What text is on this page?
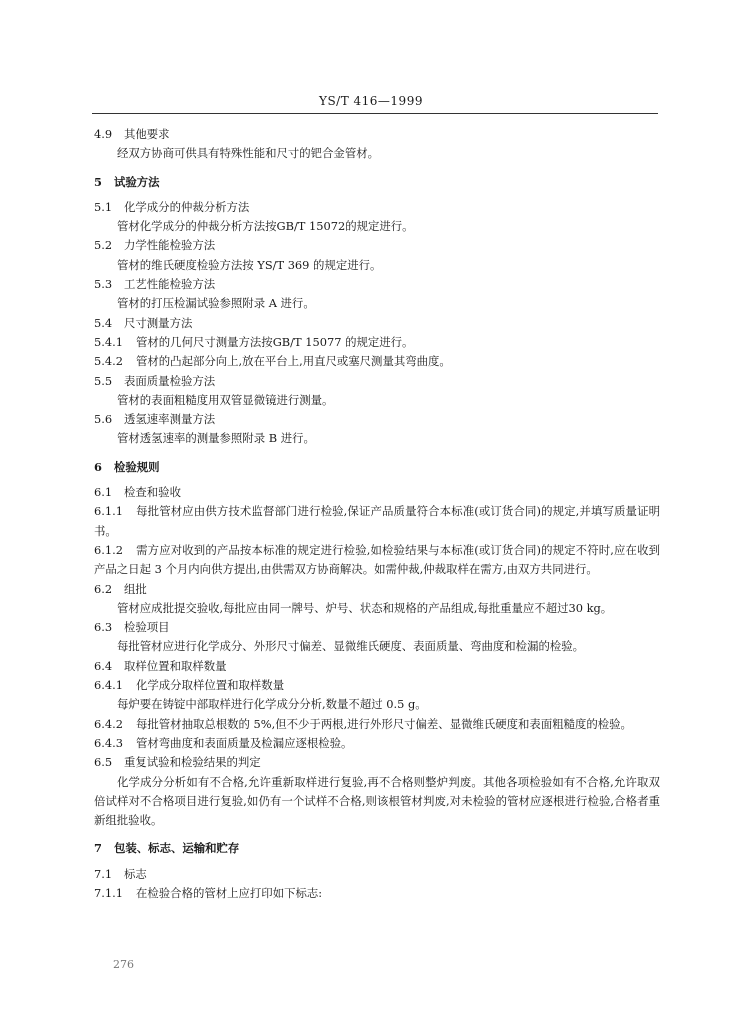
YS/T 416—1999

4.9 其他要求

经双方协商可供具有特殊性能和尺寸的钯合金管材。

5 试验方法

5.1 化学成分的仲裁分析方法

管材化学成分的仲裁分析方法按GB/T 15072的规定进行。

5.2 力学性能检验方法

管材的维氏硬度检验方法按 YS/T 369 的规定进行。

5.3 工艺性能检验方法

管材的打压检漏试验参照附录 A 进行。

5.4 尺寸测量方法

5.4.1 管材的几何尺寸测量方法按GB/T 15077 的规定进行。

5.4.2 管材的凸起部分向上,放在平台上,用直尺或塞尺测量其弯曲度。

5.5 表面质量检验方法

管材的表面粗糙度用双管显微镜进行测量。

5.6 透氢速率测量方法

管材透氢速率的测量参照附录 B 进行。

6 检验规则

6.1 检查和验收

6.1.1 每批管材应由供方技术监督部门进行检验,保证产品质量符合本标准(或订货合同)的规定,并填写质量证明书。

6.1.2 需方应对收到的产品按本标准的规定进行检验,如检验结果与本标准(或订货合同)的规定不符时,应在收到产品之日起 3 个月内向供方提出,由供需双方协商解决。如需仲裁,仲裁取样在需方,由双方共同进行。

6.2 组批

管材应成批提交验收,每批应由同一牌号、炉号、状态和规格的产品组成,每批重量应不超过30 kg。

6.3 检验项目

每批管材应进行化学成分、外形尺寸偏差、显微维氏硬度、表面质量、弯曲度和检漏的检验。

6.4 取样位置和取样数量

6.4.1 化学成分取样位置和取样数量

每炉要在铸锭中部取样进行化学成分分析,数量不超过 0.5 g。

6.4.2 每批管材抽取总根数的 5%,但不少于两根,进行外形尺寸偏差、显微维氏硬度和表面粗糙度的检验。

6.4.3 管材弯曲度和表面质量及检漏应逐根检验。

6.5 重复试验和检验结果的判定

化学成分分析如有不合格,允许重新取样进行复验,再不合格则整炉判废。其他各项检验如有不合格,允许取双倍试样对不合格项目进行复验,如仍有一个试样不合格,则该根管材判废,对未检验的管材应逐根进行检验,合格者重新组批验收。

7 包装、标志、运输和贮存

7.1 标志

7.1.1 在检验合格的管材上应打印如下标志:

276
